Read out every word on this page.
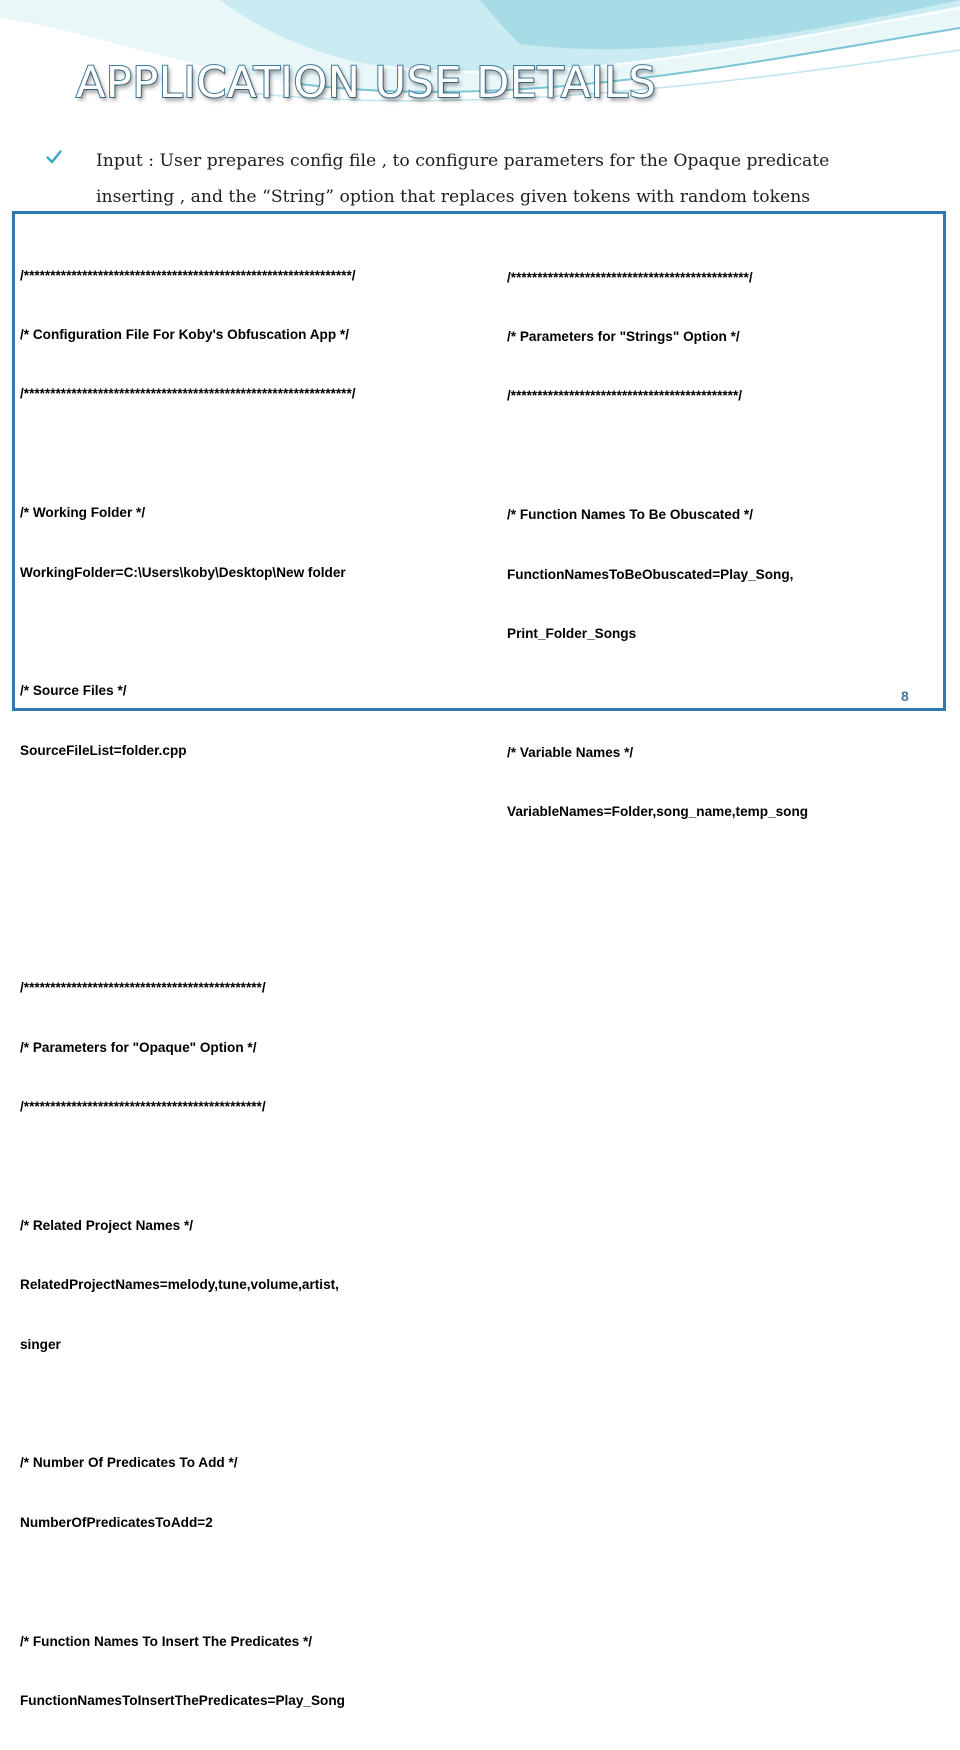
APPLICATION USE DETAILS
Input : User prepares config file , to configure parameters for the Opaque predicate inserting , and the “String” option that replaces given tokens with random tokens

/**************************************************************/

/* Configuration File For Koby's Obfuscation App */

/**************************************************************/

/* Working Folder */

WorkingFolder=C:\Users\koby\Desktop\New folder

/* Source Files */

SourceFileList=folder.cpp

/*********************************************/

/* Parameters for "Opaque" Option */

/*********************************************/

/* Related Project Names */

RelatedProjectNames=melody,tune,volume,artist,

singer

/* Number Of Predicates To Add */

NumberOfPredicatesToAdd=2

/* Function Names To Insert The Predicates */

FunctionNamesToInsertThePredicates=Play_Song

/*********************************************/

/* Parameters for "Strings" Option */

/*******************************************/

/* Function Names To Be Obuscated */

FunctionNamesToBeObuscated=Play_Song,

Print_Folder_Songs

/* Variable Names */

VariableNames=Folder,song_name,temp_song

8
